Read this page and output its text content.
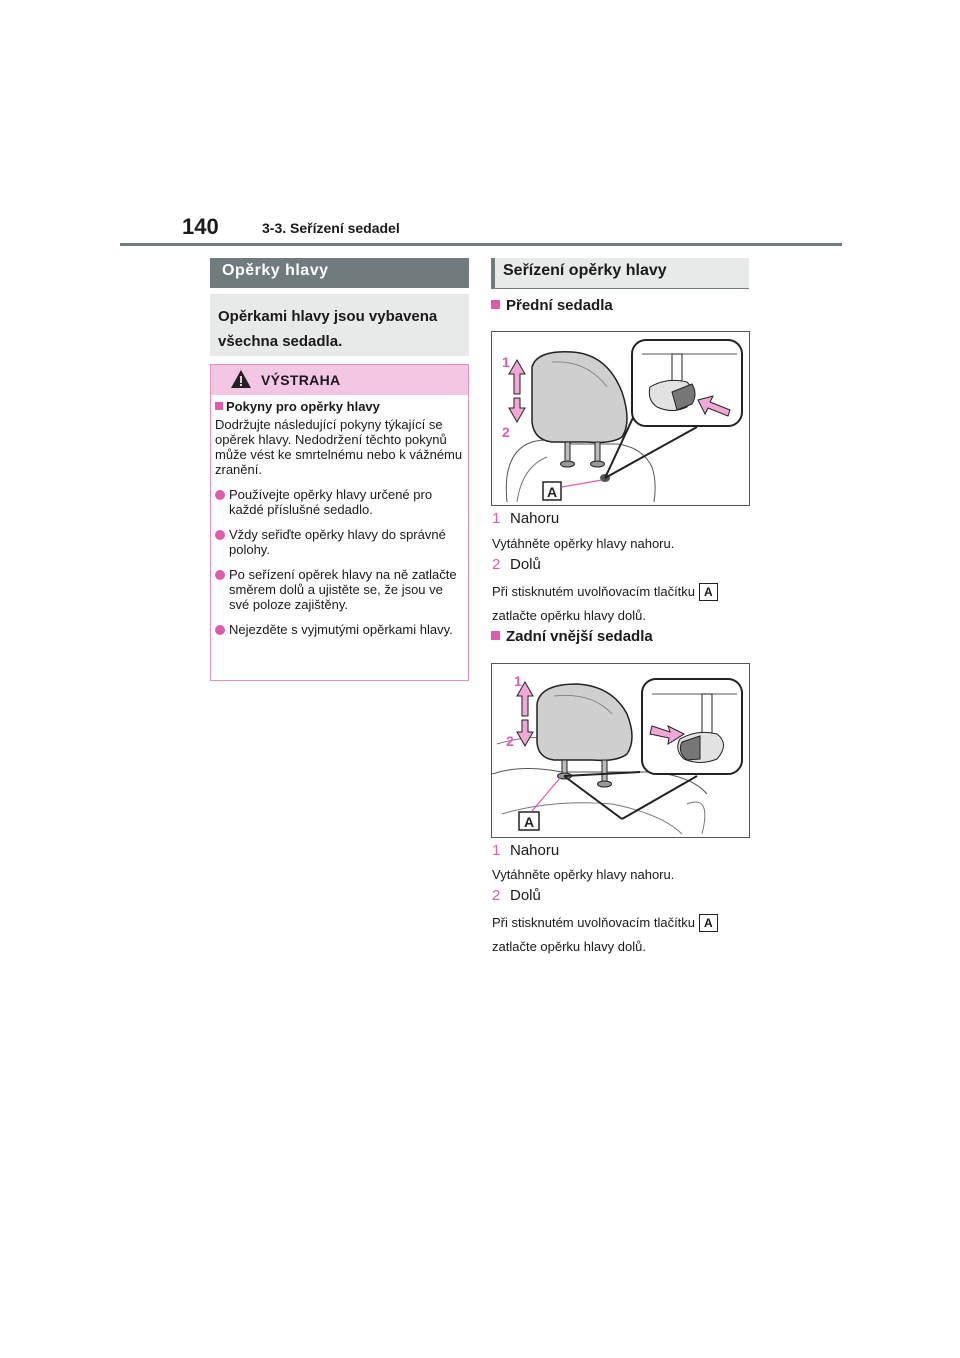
140	3-3. Seřízení sedadel
Opěrky hlavy
Opěrkami hlavy jsou vybavena všechna sedadla.
VÝSTRAHA
Pokyny pro opěrky hlavy
Dodržujte následující pokyny týkající se opěrek hlavy. Nedodržení těchto pokynů může vést ke smrtelnému nebo k vážnému zranění.
Používejte opěrky hlavy určené pro každé příslušné sedadlo.
Vždy seřiďte opěrky hlavy do správné polohy.
Po seřízení opěrek hlavy na ně zatlačte směrem dolů a ujistěte se, že jsou ve své poloze zajištěny.
Nejezděte s vyjmutými opěrkami hlavy.
Seřízení opěrky hlavy
Přední sedadla
1
2
A
1 Nahoru
Vytáhněte opěrky hlavy nahoru.
2 Dolů
Při stisknutém uvolňovacím tlačítku A
zatlačte opěrku hlavy dolů.
Zadní vnější sedadla
1
2
A
1 Nahoru
Vytáhněte opěrky hlavy nahoru.
2 Dolů
Při stisknutém uvolňovacím tlačítku A
zatlačte opěrku hlavy dolů.
